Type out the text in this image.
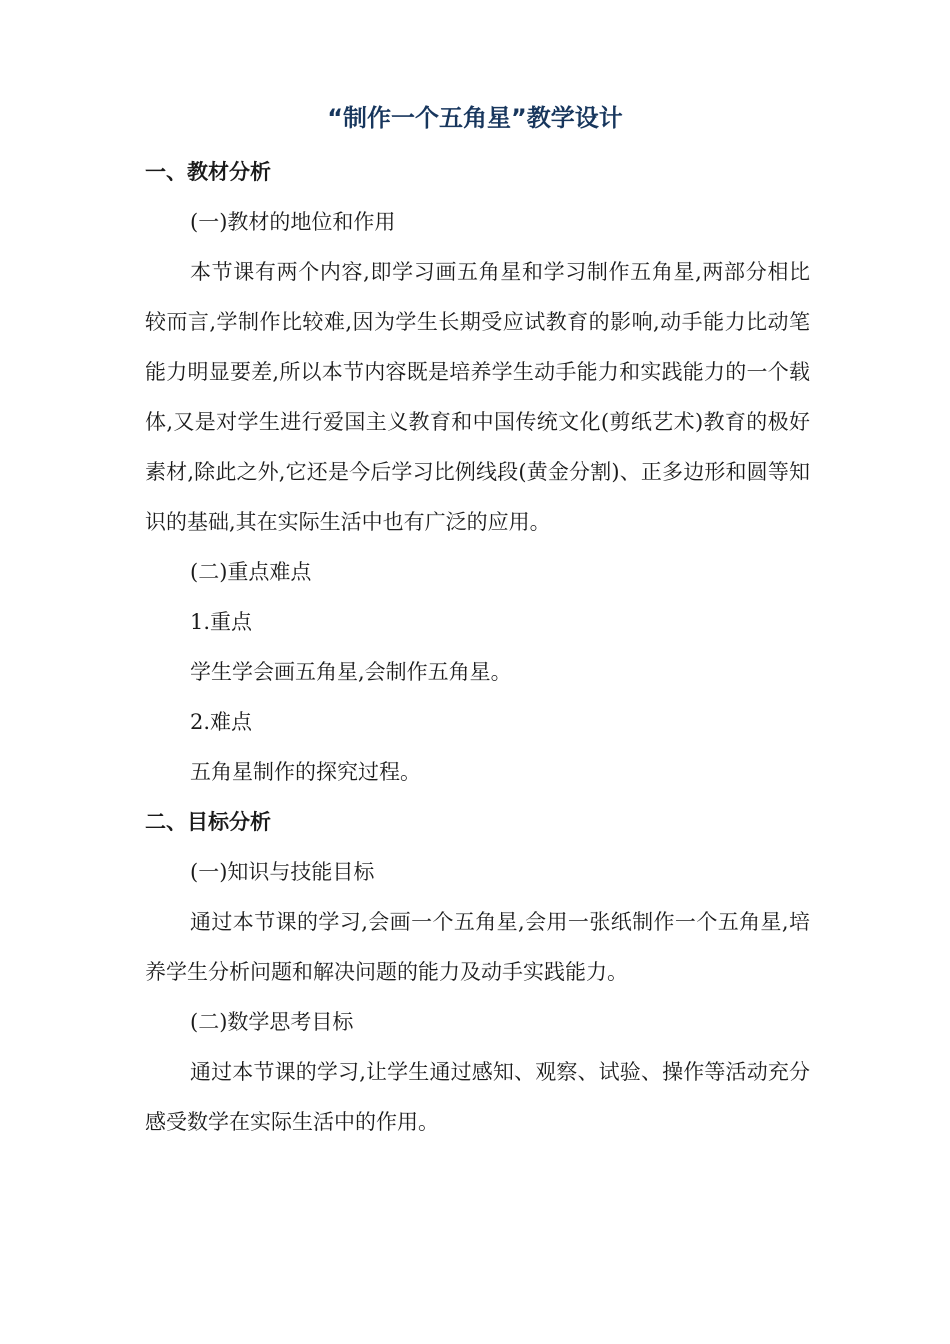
“制作一个五角星”教学设计
一、教材分析
(一)教材的地位和作用

本节课有两个内容,即学习画五角星和学习制作五角星,两部分相比较而言,学制作比较难,因为学生长期受应试教育的影响,动手能力比动笔能力明显要差,所以本节内容既是培养学生动手能力和实践能力的一个载体,又是对学生进行爱国主义教育和中国传统文化(剪纸艺术)教育的极好素材,除此之外,它还是今后学习比例线段(黄金分割)、正多边形和圆等知识的基础,其在实际生活中也有广泛的应用。

(二)重点难点
1.重点
学生学会画五角星,会制作五角星。
2.难点
五角星制作的探究过程。
二、目标分析
(一)知识与技能目标

通过本节课的学习,会画一个五角星,会用一张纸制作一个五角星,培养学生分析问题和解决问题的能力及动手实践能力。

(二)数学思考目标

通过本节课的学习,让学生通过感知、观察、试验、操作等活动充分感受数学在实际生活中的作用。
